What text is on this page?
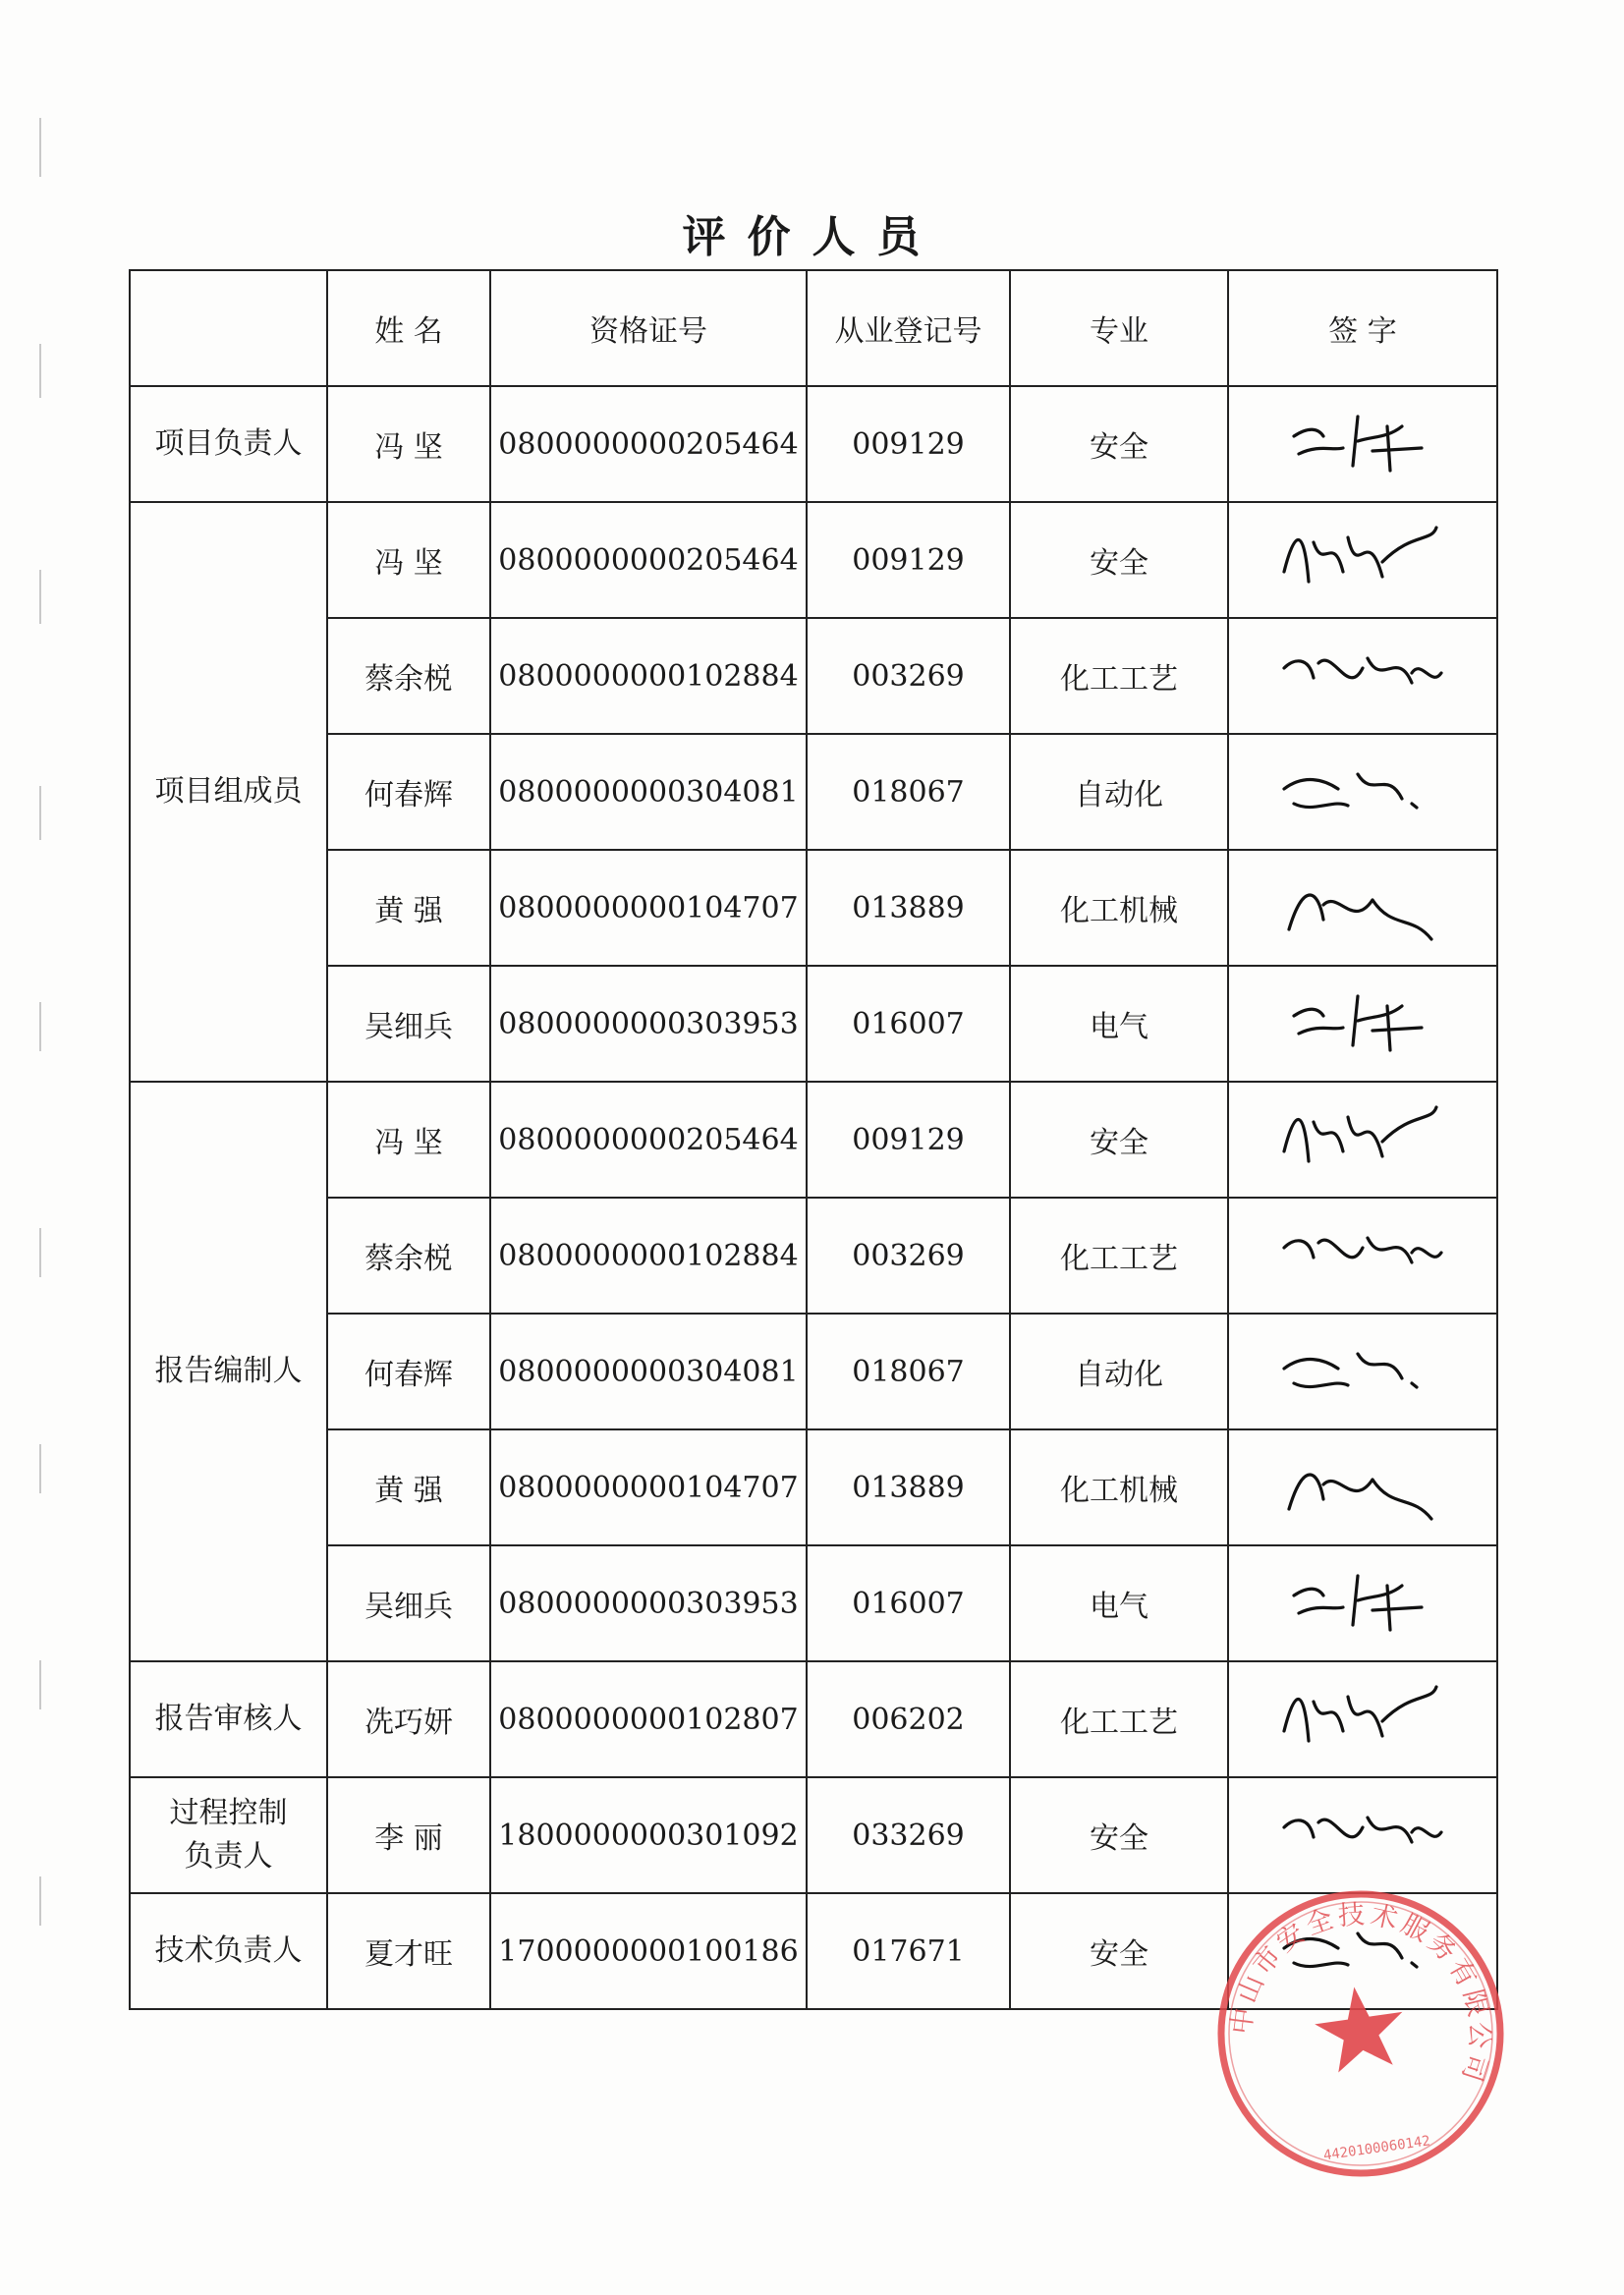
评价人员
	姓 名	资格证号	从业登记号	专业	签 字
项目负责人	冯 坚	0800000000205464	009129	安全	

项目组成员	冯 坚	0800000000205464	009129	安全	

	蔡余棁	0800000000102884	003269	化工工艺	

	何春辉	0800000000304081	018067	自动化	

	黄 强	0800000000104707	013889	化工机械	

	吴细兵	0800000000303953	016007	电气	

报告编制人	冯 坚	0800000000205464	009129	安全	

	蔡余棁	0800000000102884	003269	化工工艺	

	何春辉	0800000000304081	018067	自动化	

	黄 强	0800000000104707	013889	化工机械	

	吴细兵	0800000000303953	016007	电气	

报告审核人	冼巧妍	0800000000102807	006202	化工工艺	

过程控制
负责人	李 丽	1800000000301092	033269	安全	

技术负责人	夏才旺	1700000000100186	017671	安全	
中山市安全技术服务有限公司
4420100060142
